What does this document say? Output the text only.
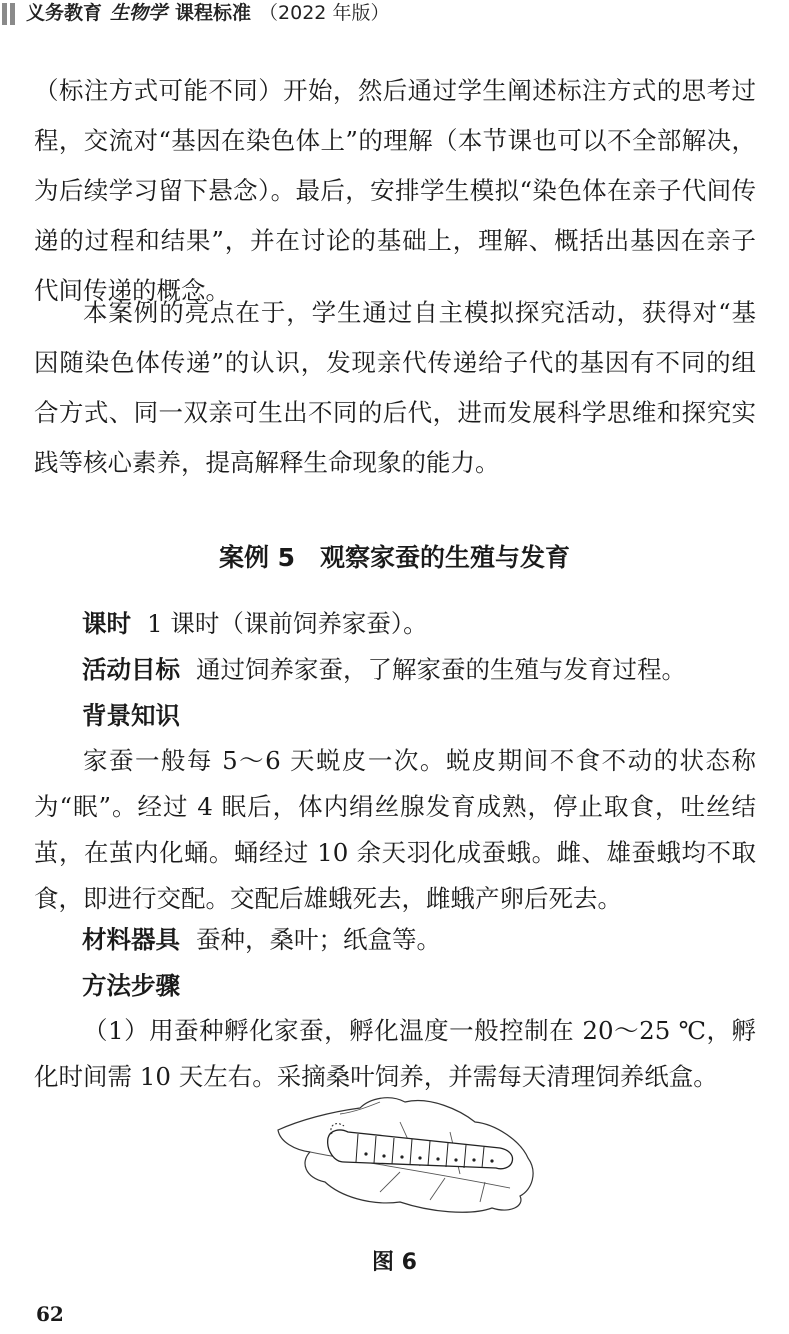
义务教育 生物学 课程标准 （2022 年版）

（标注方式可能不同）开始，然后通过学生阐述标注方式的思考过程，交流对“基因在染色体上”的理解（本节课也可以不全部解决，为后续学习留下悬念）。最后，安排学生模拟“染色体在亲子代间传递的过程和结果”，并在讨论的基础上，理解、概括出基因在亲子代间传递的概念。

本案例的亮点在于，学生通过自主模拟探究活动，获得对“基因随染色体传递”的认识，发现亲代传递给子代的基因有不同的组合方式、同一双亲可生出不同的后代，进而发展科学思维和探究实践等核心素养，提高解释生命现象的能力。

案例 5　观察家蚕的生殖与发育
课时 1 课时（课前饲养家蚕）。
活动目标 通过饲养家蚕，了解家蚕的生殖与发育过程。
背景知识

家蚕一般每 5～6 天蜕皮一次。蜕皮期间不食不动的状态称为“眠”。经过 4 眠后，体内绢丝腺发育成熟，停止取食，吐丝结茧，在茧内化蛹。蛹经过 10 余天羽化成蚕蛾。雌、雄蚕蛾均不取食，即进行交配。交配后雄蛾死去，雌蛾产卵后死去。

材料器具 蚕种，桑叶；纸盒等。
方法步骤

（1）用蚕种孵化家蚕，孵化温度一般控制在 20～25 ℃，孵化时间需 10 天左右。采摘桑叶饲养，并需每天清理饲养纸盒。

图 6
62
